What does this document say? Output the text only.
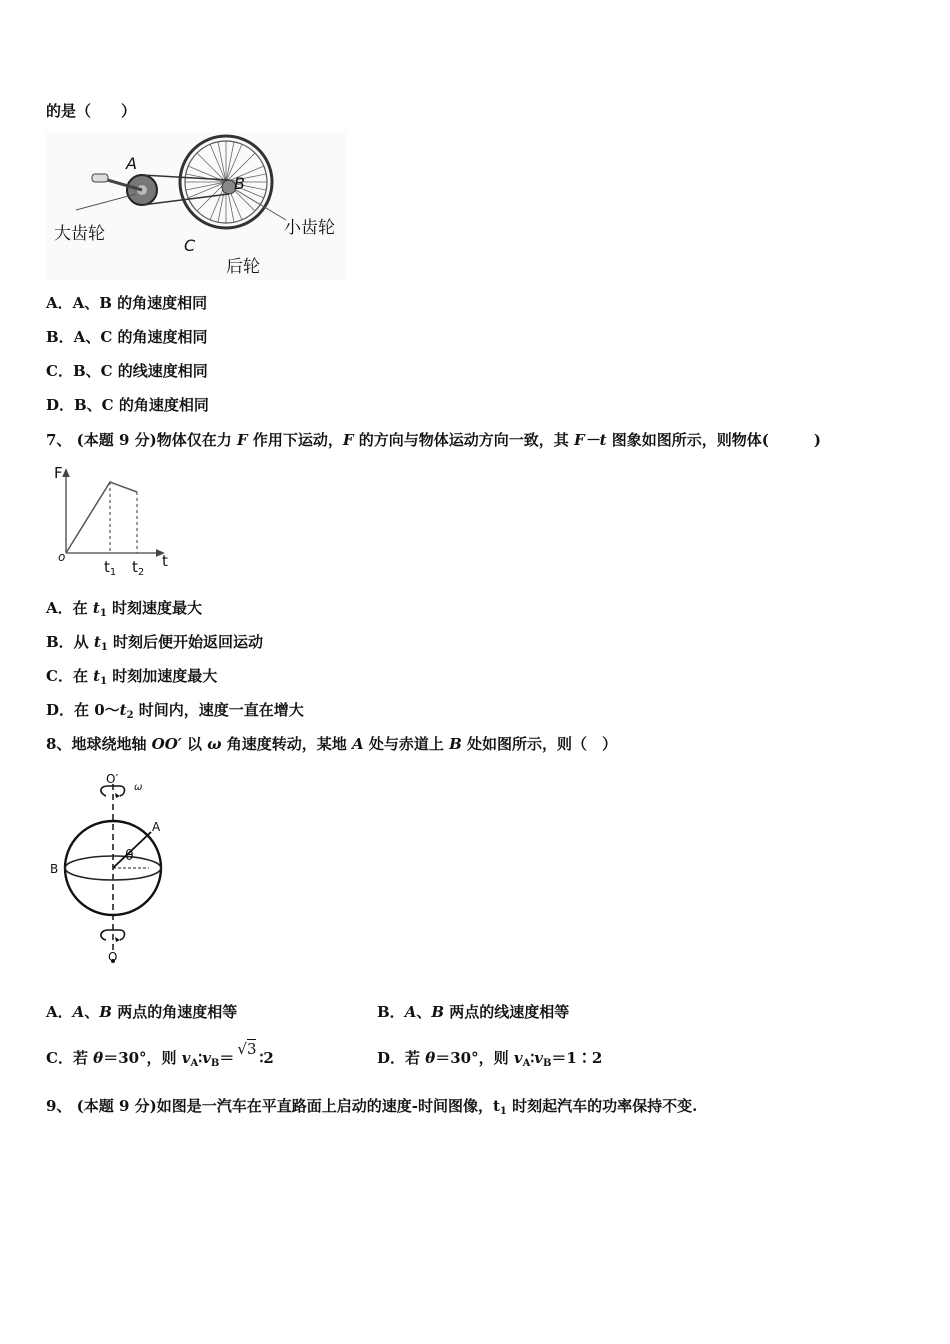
的是（　　）
A
B
C
大齿轮	小齿轮
后轮
A．A、B 的角速度相同
B．A、C 的角速度相同
C．B、C 的线速度相同
D．B、C 的角速度相同
7、 (本题 9 分)物体仅在力 F 作用下运动，F 的方向与物体运动方向一致，其 F－t 图象如图所示，则物体(　　　)
F
o
$t_1$ $t_2$
t
A．在 $t_1$ 时刻速度最大
B．从 $t_1$ 时刻后便开始返回运动
C．在 $t_1$ 时刻加速度最大
D．在 $0\sim t_2$ 时间内，速度一直在增大
8、地球绕地轴 OO′ 以 ω 角速度转动，某地 A 处与赤道上 B 处如图所示，则（　）
O′
ω
A
B
θ
O
A．A、B 两点的角速度相等	B．A、B 两点的线速度相等
C．若 θ＝30°，则 $v_A∶v_B= √3$ ∶2	D．若 θ＝30°，则 $v_A∶v_B=1∶2$
9、 (本题 9 分)如图是一汽车在平直路面上启动的速度-时间图像，$t_1$ 时刻起汽车的功率保持不变.
